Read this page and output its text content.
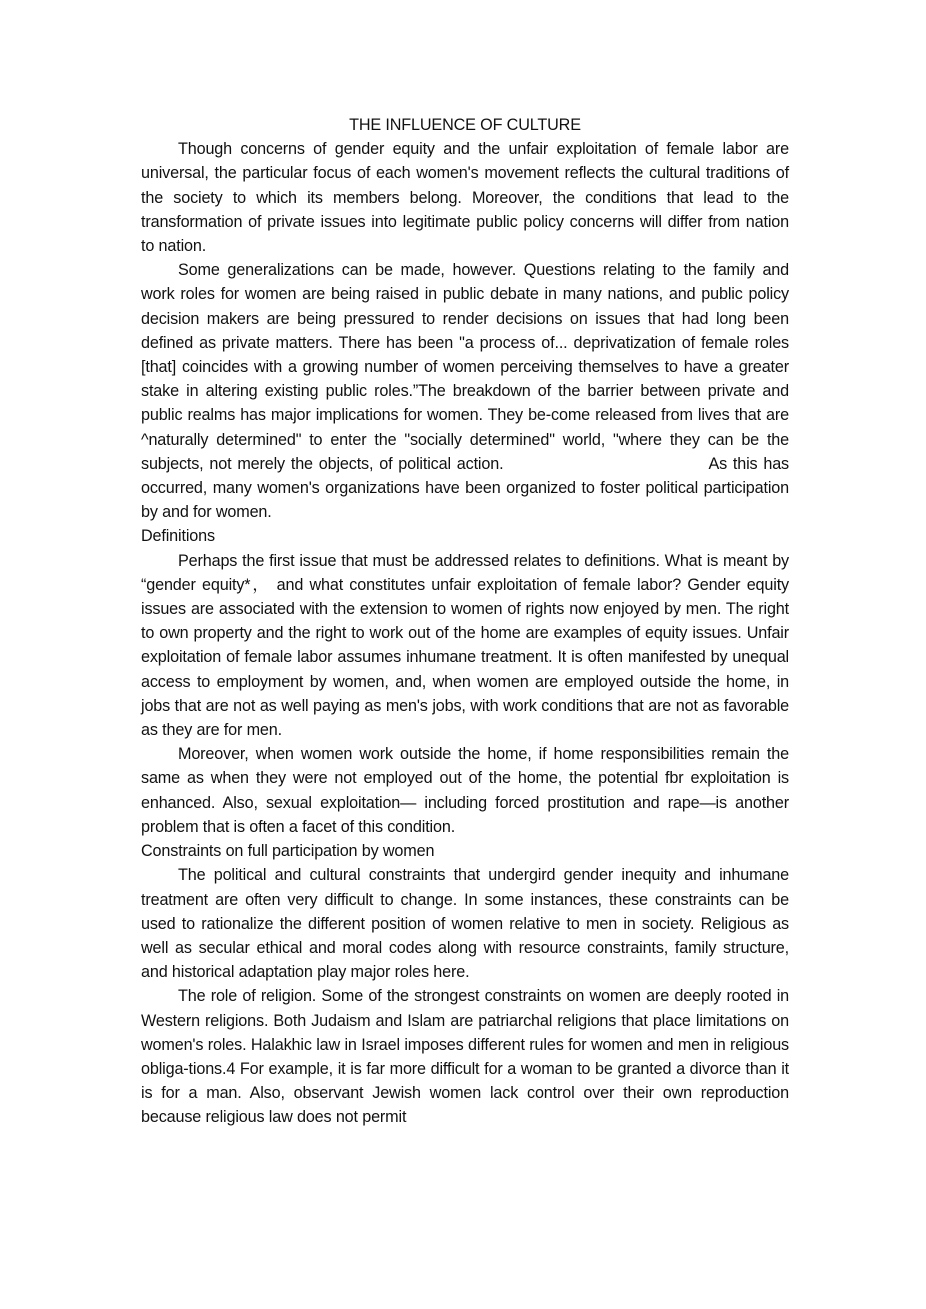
THE INFLUENCE OF CULTURE

Though concerns of gender equity and the unfair exploitation of female labor are universal, the particular focus of each women's movement reflects the cultural traditions of the society to which its members belong. Moreover, the conditions that lead to the transformation of private issues into legitimate public policy concerns will differ from nation to nation.

Some generalizations can be made, however. Questions relating to the family and work roles for women are being raised in public debate in many nations, and public policy decision makers are being pressured to render decisions on issues that had long been defined as private matters. There has been "a process of... deprivatization of female roles [that] coincides with a growing number of women perceiving themselves to have a greater stake in altering existing public roles.”The breakdown of the barrier between private and public realms has major implications for women. They be-come released from lives that are ^naturally determined" to enter the "socially determined" world, "where they can be the subjects, not merely the objects, of political action.	As this has occurred, many women's organizations have been organized to foster political participation by and for women.

Definitions

Perhaps the first issue that must be addressed relates to definitions. What is meant by “gender equity*， and what constitutes unfair exploitation of female labor? Gender equity issues are associated with the extension to women of rights now enjoyed by men. The right to own property and the right to work out of the home are examples of equity issues. Unfair exploitation of female labor assumes inhumane treatment. It is often manifested by unequal access to employment by women, and, when women are employed outside the home, in jobs that are not as well paying as men's jobs, with work conditions that are not as favorable as they are for men.

Moreover, when women work outside the home, if home responsibilities remain the same as when they were not employed out of the home, the potential fbr exploitation is enhanced. Also, sexual exploitation— including forced prostitution and rape—is another problem that is often a facet of this condition.

Constraints on full participation by women

The political and cultural constraints that undergird gender inequity and inhumane treatment are often very difficult to change. In some instances, these constraints can be used to rationalize the different position of women relative to men in society. Religious as well as secular ethical and moral codes along with resource constraints, family structure, and historical adaptation play major roles here.

The role of religion. Some of the strongest constraints on women are deeply rooted in Western religions. Both Judaism and Islam are patriarchal religions that place limitations on women's roles. Halakhic law in Israel imposes different rules for women and men in religious obliga-tions.4 For example, it is far more difficult for a woman to be granted a divorce than it is for a man. Also, observant Jewish women lack control over their own reproduction because religious law does not permit
